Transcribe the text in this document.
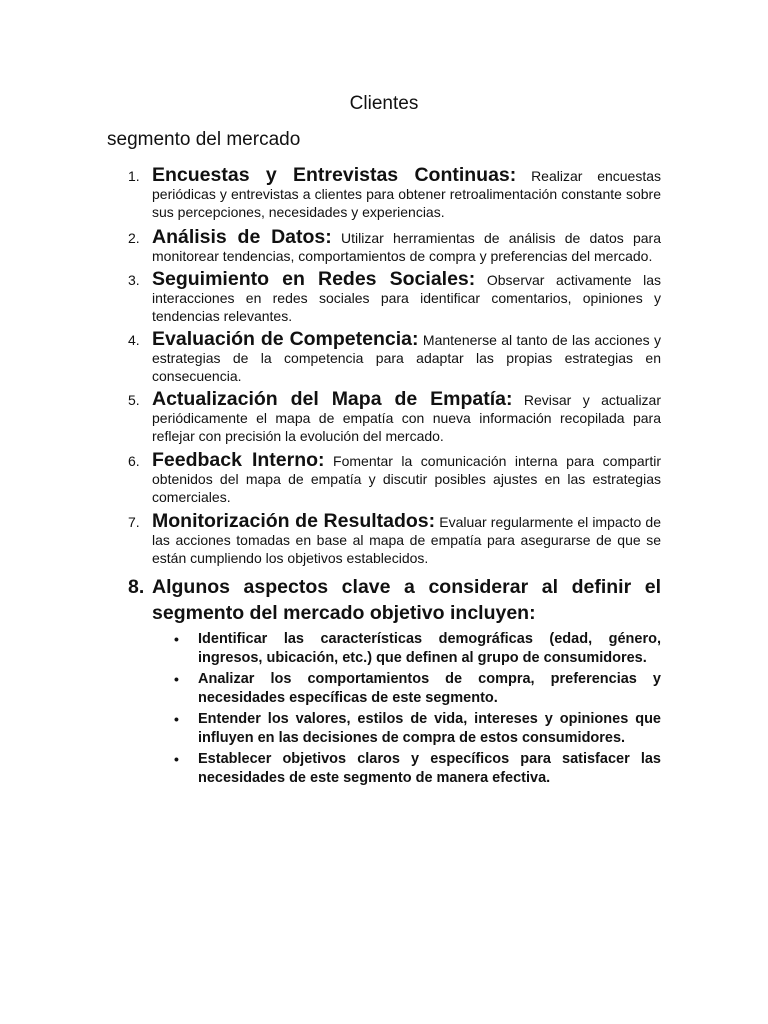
Clientes
segmento del mercado
1. Encuestas y Entrevistas Continuas: Realizar encuestas periódicas y entrevistas a clientes para obtener retroalimentación constante sobre sus percepciones, necesidades y experiencias.
2. Análisis de Datos: Utilizar herramientas de análisis de datos para monitorear tendencias, comportamientos de compra y preferencias del mercado.
3. Seguimiento en Redes Sociales: Observar activamente las interacciones en redes sociales para identificar comentarios, opiniones y tendencias relevantes.
4. Evaluación de Competencia: Mantenerse al tanto de las acciones y estrategias de la competencia para adaptar las propias estrategias en consecuencia.
5. Actualización del Mapa de Empatía: Revisar y actualizar periódicamente el mapa de empatía con nueva información recopilada para reflejar con precisión la evolución del mercado.
6. Feedback Interno: Fomentar la comunicación interna para compartir obtenidos del mapa de empatía y discutir posibles ajustes en las estrategias comerciales.
7. Monitorización de Resultados: Evaluar regularmente el impacto de las acciones tomadas en base al mapa de empatía para asegurarse de que se están cumpliendo los objetivos establecidos.
8. Algunos aspectos clave a considerar al definir el segmento del mercado objetivo incluyen:
• Identificar las características demográficas (edad, género, ingresos, ubicación, etc.) que definen al grupo de consumidores.
• Analizar los comportamientos de compra, preferencias y necesidades específicas de este segmento.
• Entender los valores, estilos de vida, intereses y opiniones que influyen en las decisiones de compra de estos consumidores.
• Establecer objetivos claros y específicos para satisfacer las necesidades de este segmento de manera efectiva.
